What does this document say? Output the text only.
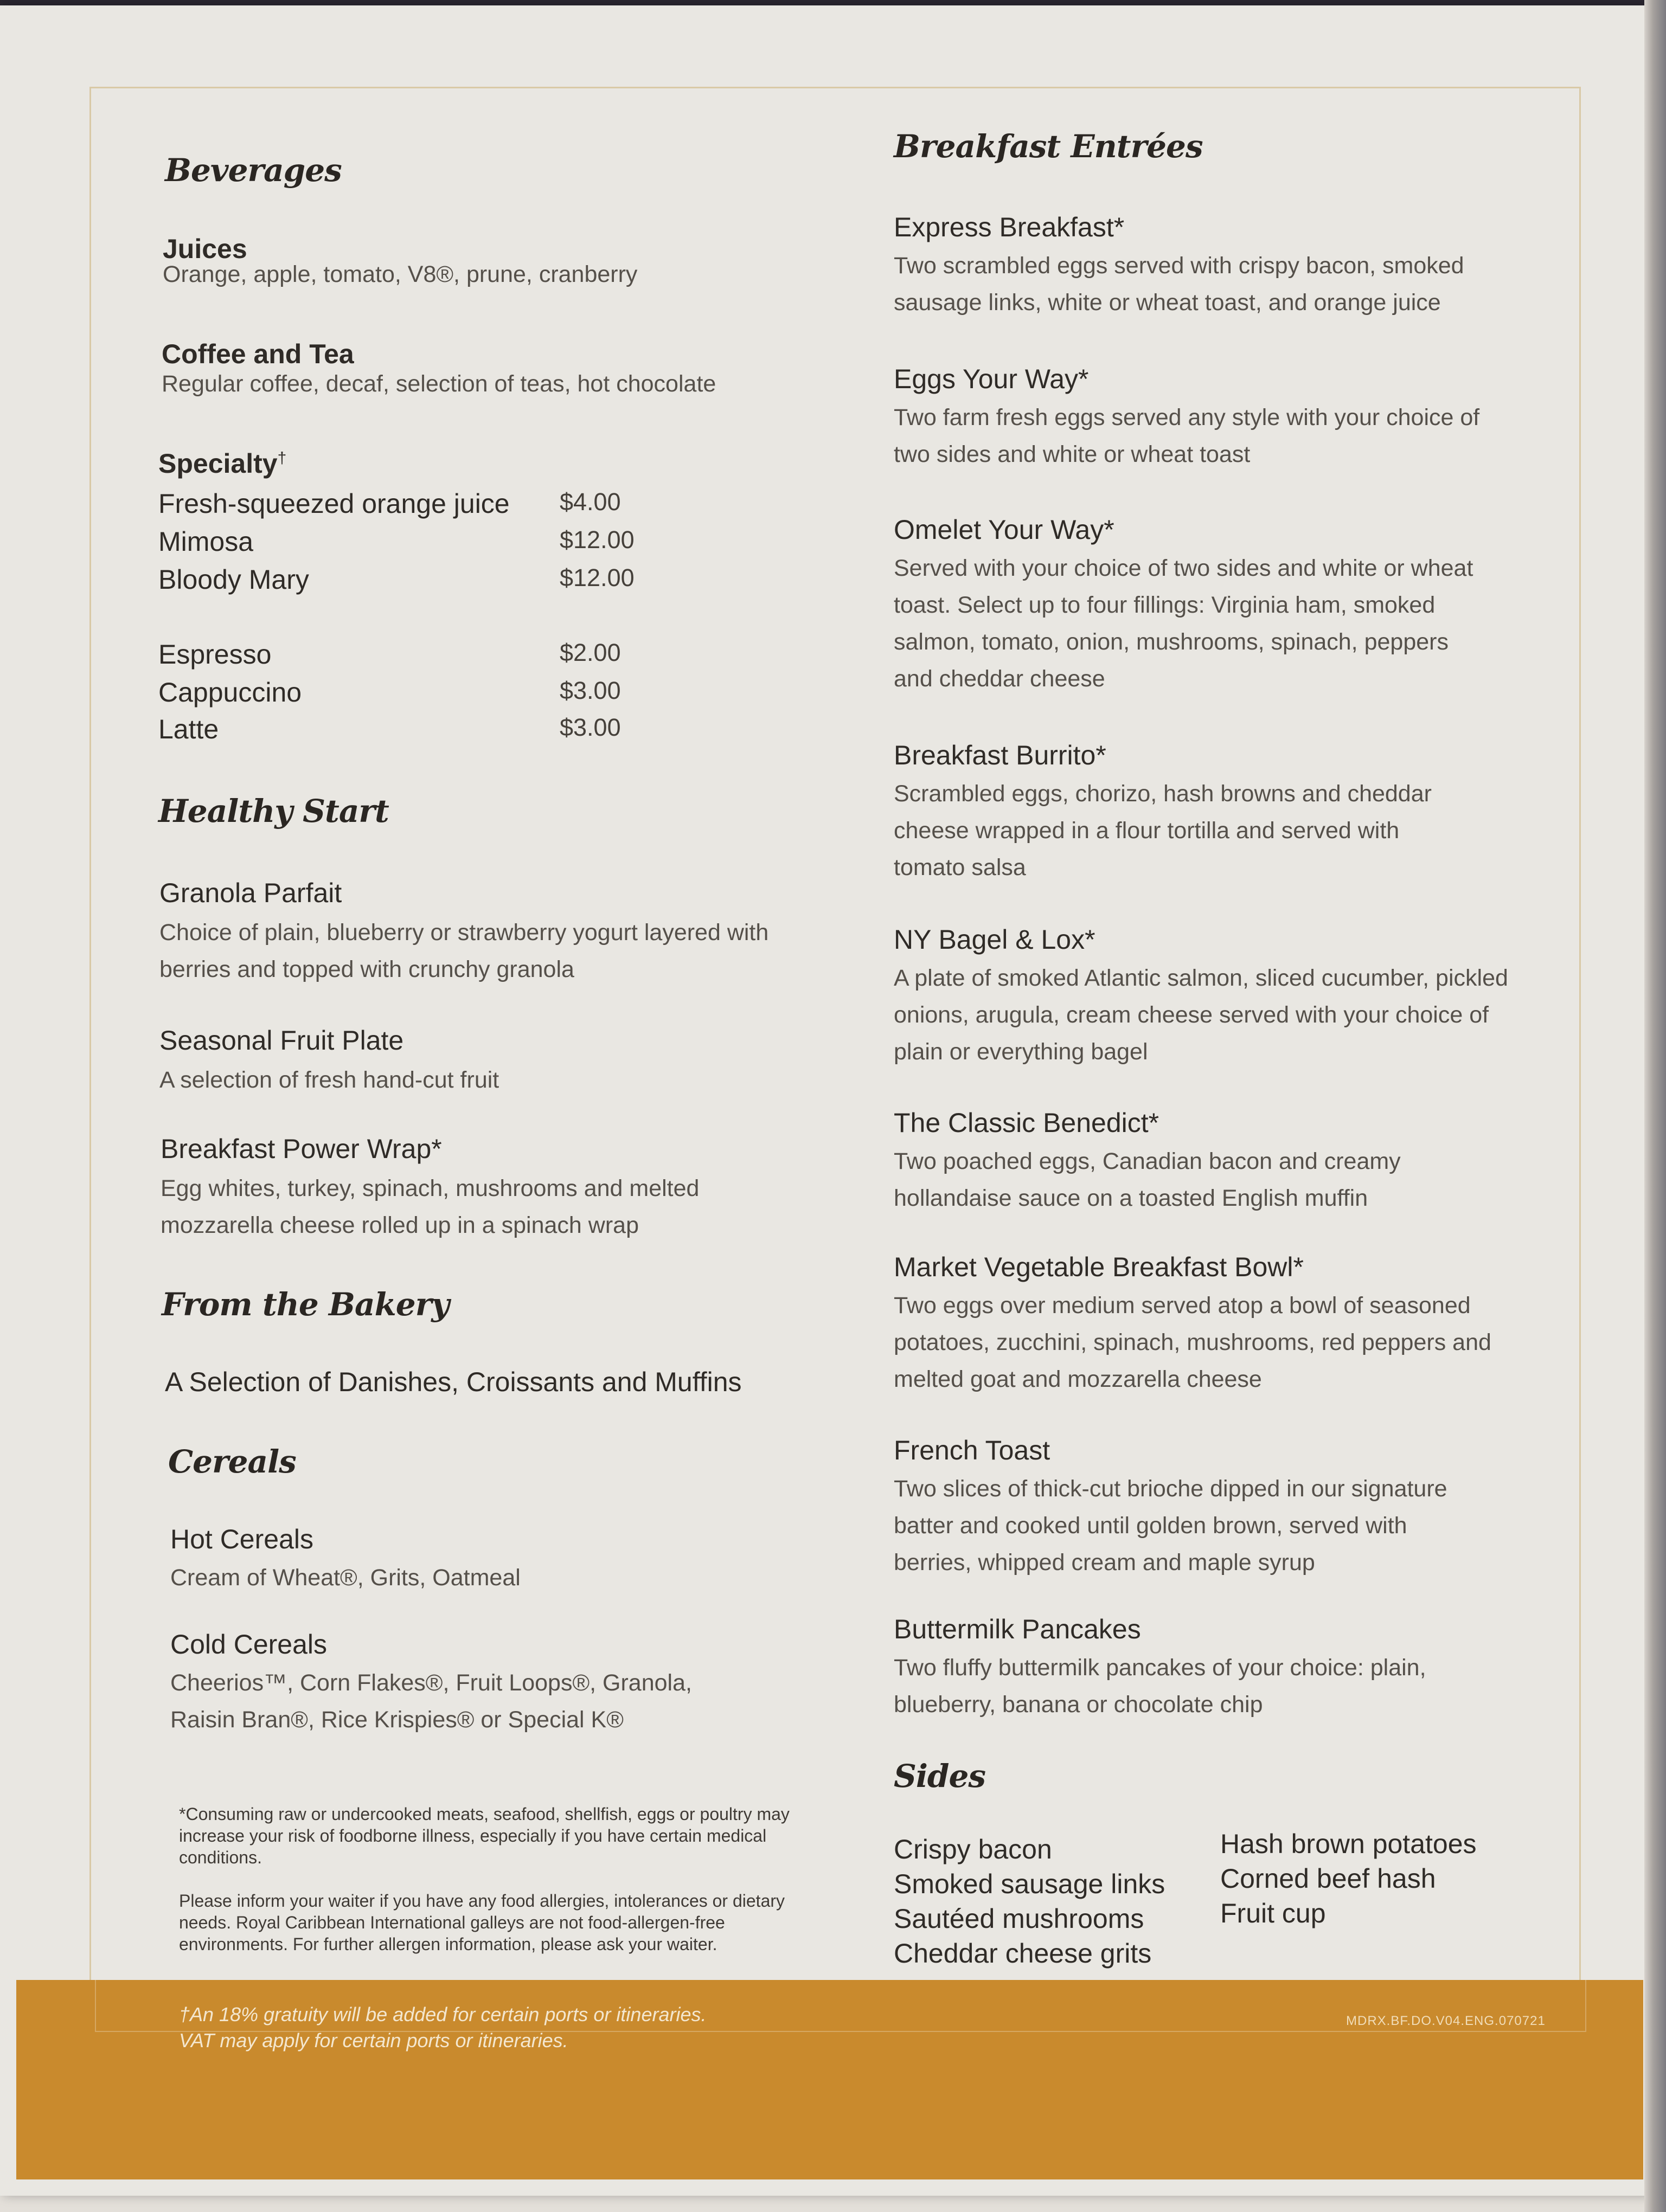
Beverages

Juices

Orange, apple, tomato, V8®, prune, cranberry

Coffee and Tea

Regular coffee, decaf, selection of teas, hot chocolate

Specialty†

Fresh-squeezed orange juice $4.00
Mimosa	$12.00
Bloody Mary	$12.00
Espresso	$2.00
Cappuccino	$3.00
Latte	$3.00
Healthy Start

Granola Parfait

Choice of plain, blueberry or strawberry yogurt layered with berries and topped with crunchy granola

Seasonal Fruit Plate

A selection of fresh hand-cut fruit

Breakfast Power Wrap*

Egg whites, turkey, spinach, mushrooms and melted mozzarella cheese rolled up in a spinach wrap

From the Bakery

A Selection of Danishes, Croissants and Muffins

Cereals

Hot Cereals

Cream of Wheat®, Grits, Oatmeal

Cold Cereals

Cheerios™, Corn Flakes®, Fruit Loops®, Granola, Raisin Bran®, Rice Krispies® or Special K®

*Consuming raw or undercooked meats, seafood, shellfish, eggs or poultry may increase your risk of foodborne illness, especially if you have certain medical conditions.

Please inform your waiter if you have any food allergies, intolerances or dietary needs. Royal Caribbean International galleys are not food-allergen-free environments. For further allergen information, please ask your waiter.

Breakfast Entrées

Express Breakfast*

Two scrambled eggs served with crispy bacon, smoked sausage links, white or wheat toast, and orange juice

Eggs Your Way*

Two farm fresh eggs served any style with your choice of two sides and white or wheat toast

Omelet Your Way*

Served with your choice of two sides and white or wheat toast. Select up to four fillings: Virginia ham, smoked salmon, tomato, onion, mushrooms, spinach, peppers and cheddar cheese

Breakfast Burrito*

Scrambled eggs, chorizo, hash browns and cheddar cheese wrapped in a flour tortilla and served with tomato salsa

NY Bagel & Lox*

A plate of smoked Atlantic salmon, sliced cucumber, pickled onions, arugula, cream cheese served with your choice of plain or everything bagel

The Classic Benedict*

Two poached eggs, Canadian bacon and creamy hollandaise sauce on a toasted English muffin

Market Vegetable Breakfast Bowl*

Two eggs over medium served atop a bowl of seasoned potatoes, zucchini, spinach, mushrooms, red peppers and melted goat and mozzarella cheese

French Toast

Two slices of thick-cut brioche dipped in our signature batter and cooked until golden brown, served with berries, whipped cream and maple syrup

Buttermilk Pancakes

Two fluffy buttermilk pancakes of your choice: plain, blueberry, banana or chocolate chip

Sides
Crispy bacon
Smoked sausage links
Sautéed mushrooms
Cheddar cheese grits
Hash brown potatoes
Corned beef hash
Fruit cup

†An 18% gratuity will be added for certain ports or itineraries.
VAT may apply for certain ports or itineraries.

MDRX.BF.DO.V04.ENG.070721
